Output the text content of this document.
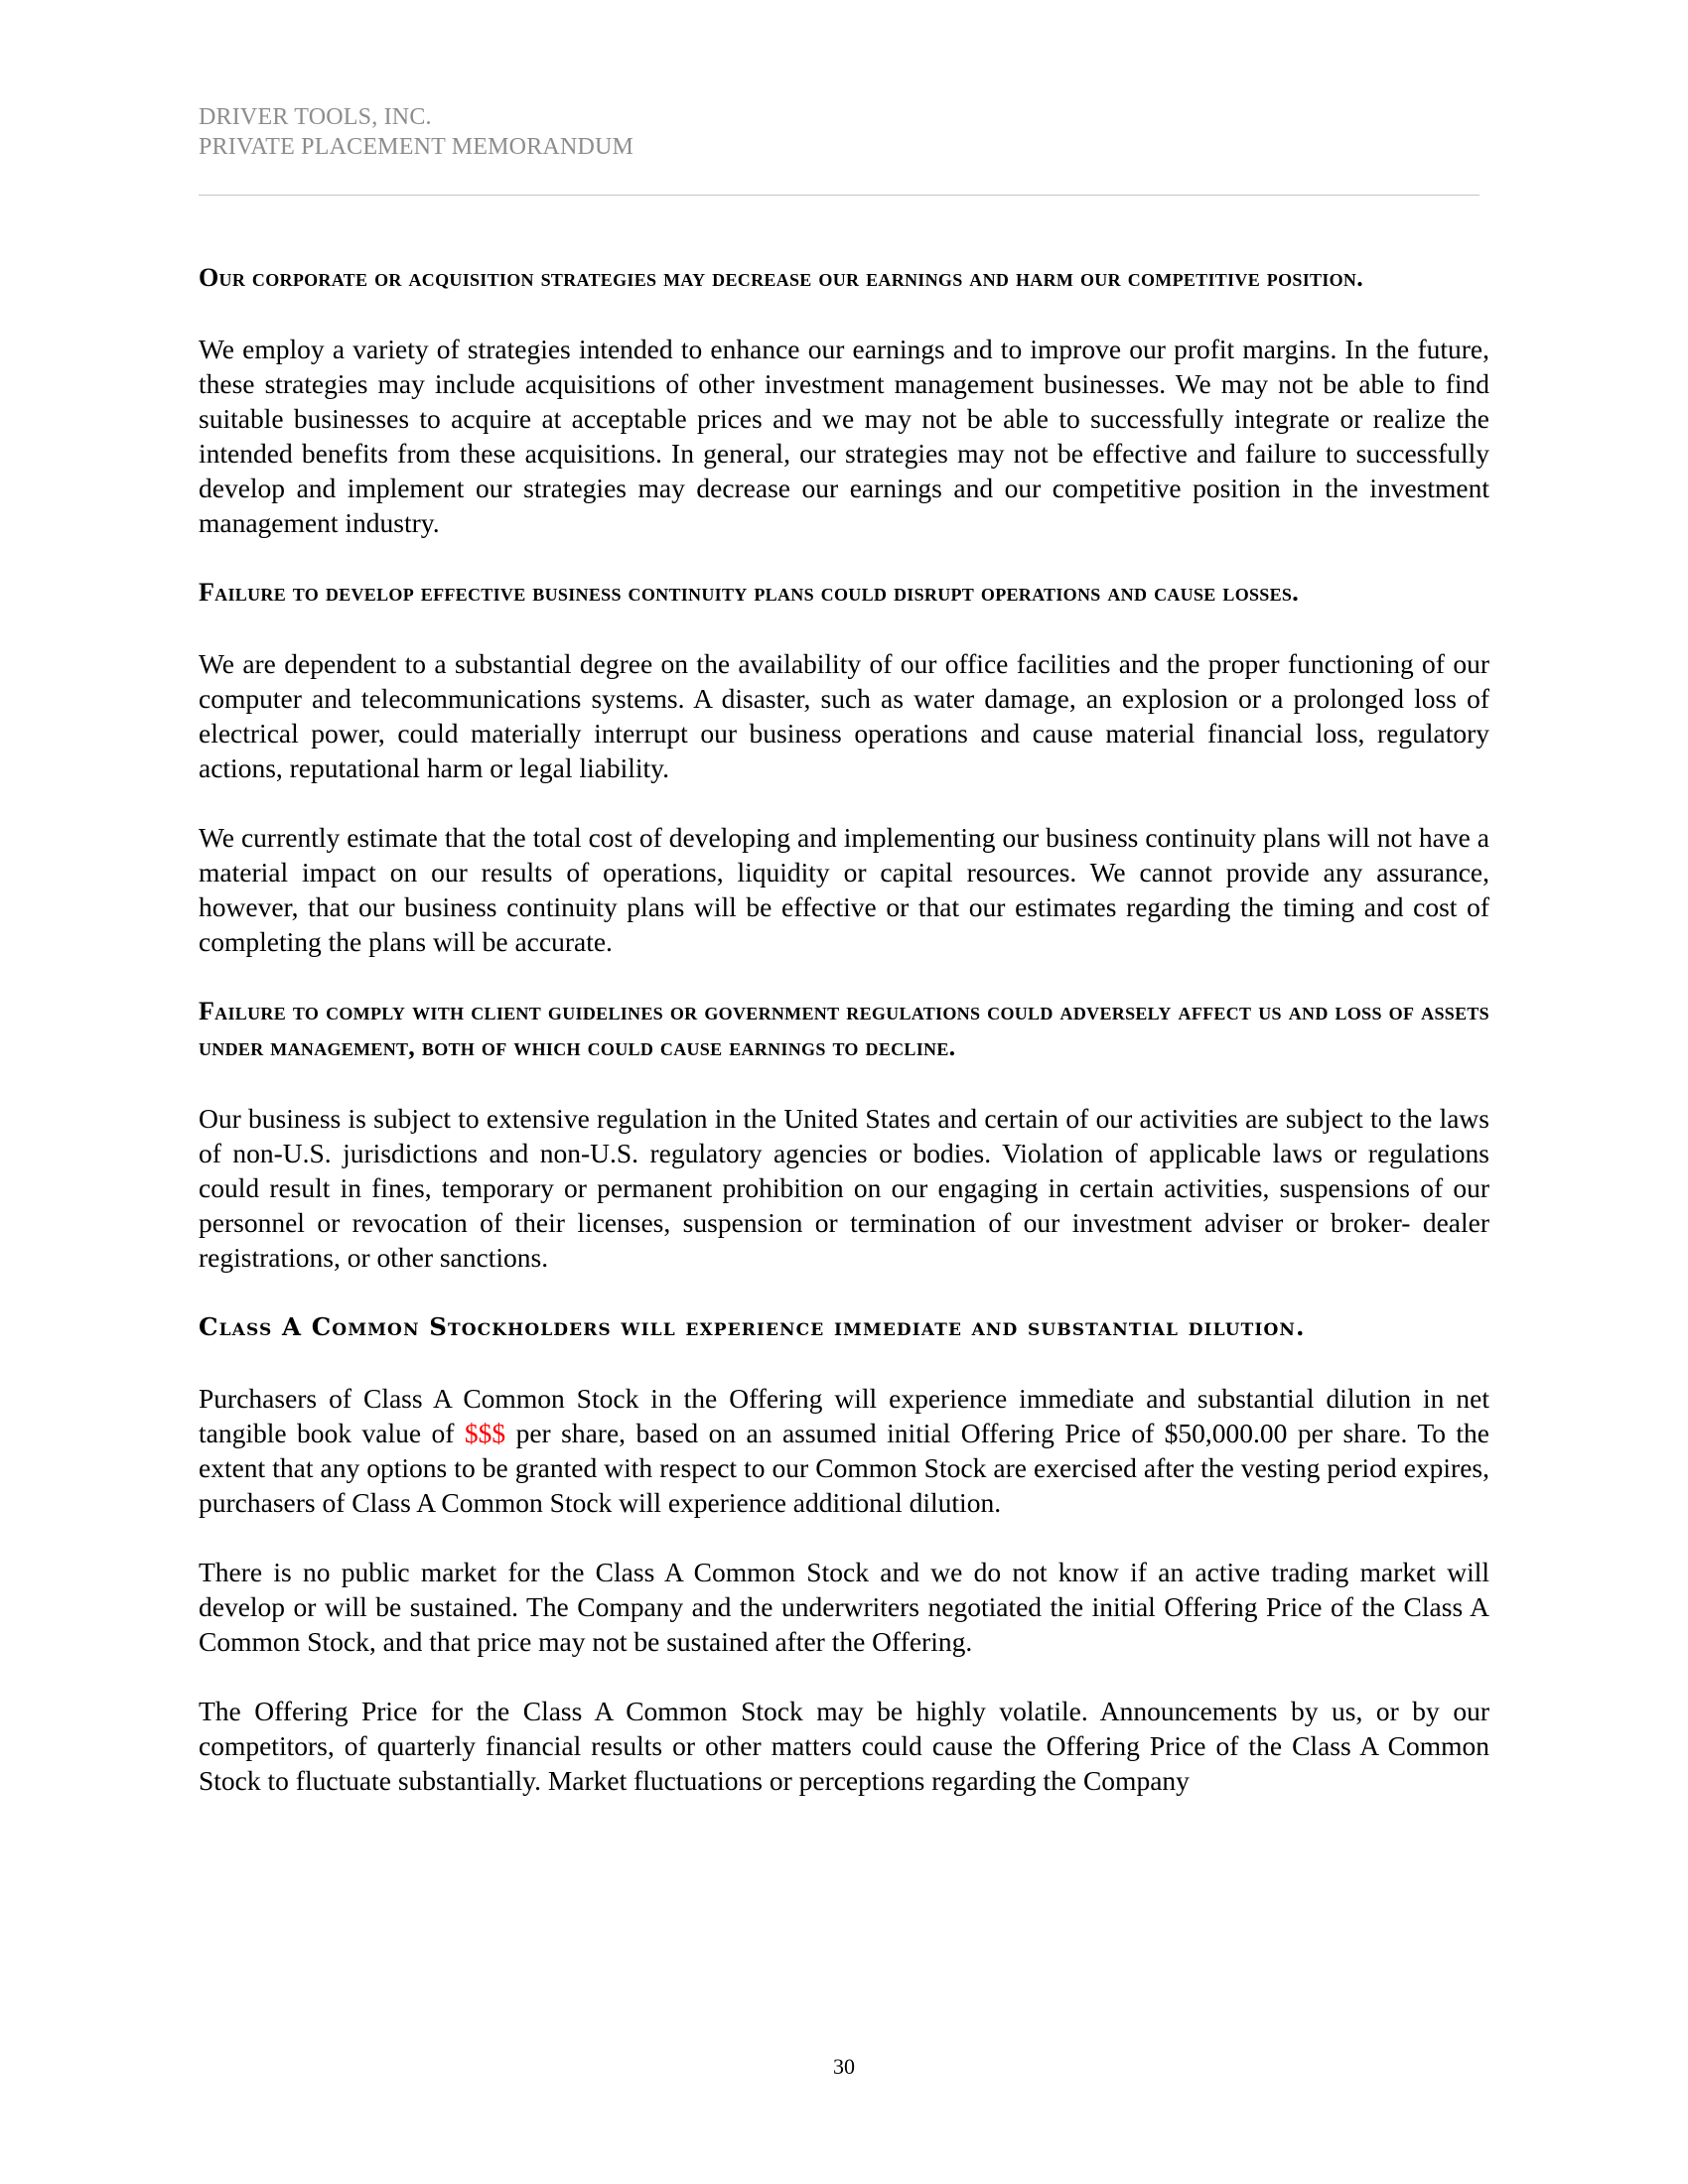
DRIVER TOOLS, INC.
PRIVATE PLACEMENT MEMORANDUM

Our corporate or acquisition strategies may decrease our earnings and harm our competitive position.

We employ a variety of strategies intended to enhance our earnings and to improve our profit margins. In the future, these strategies may include acquisitions of other investment management businesses. We may not be able to find suitable businesses to acquire at acceptable prices and we may not be able to successfully integrate or realize the intended benefits from these acquisitions. In general, our strategies may not be effective and failure to successfully develop and implement our strategies may decrease our earnings and our competitive position in the investment management industry.

Failure to develop effective business continuity plans could disrupt operations and cause losses.

We are dependent to a substantial degree on the availability of our office facilities and the proper functioning of our computer and telecommunications systems. A disaster, such as water damage, an explosion or a prolonged loss of electrical power, could materially interrupt our business operations and cause material financial loss, regulatory actions, reputational harm or legal liability.

We currently estimate that the total cost of developing and implementing our business continuity plans will not have a material impact on our results of operations, liquidity or capital resources. We cannot provide any assurance, however, that our business continuity plans will be effective or that our estimates regarding the timing and cost of completing the plans will be accurate.

Failure to comply with client guidelines or government regulations could adversely affect us and loss of assets under management, both of which could cause earnings to decline.

Our business is subject to extensive regulation in the United States and certain of our activities are subject to the laws of non-U.S. jurisdictions and non-U.S. regulatory agencies or bodies. Violation of applicable laws or regulations could result in fines, temporary or permanent prohibition on our engaging in certain activities, suspensions of our personnel or revocation of their licenses, suspension or termination of our investment adviser or broker- dealer registrations, or other sanctions.

Class A Common Stockholders will experience immediate and substantial dilution.

Purchasers of Class A Common Stock in the Offering will experience immediate and substantial dilution in net tangible book value of $$$ per share, based on an assumed initial Offering Price of $50,000.00 per share. To the extent that any options to be granted with respect to our Common Stock are exercised after the vesting period expires, purchasers of Class A Common Stock will experience additional dilution.

There is no public market for the Class A Common Stock and we do not know if an active trading market will develop or will be sustained. The Company and the underwriters negotiated the initial Offering Price of the Class A Common Stock, and that price may not be sustained after the Offering.

The Offering Price for the Class A Common Stock may be highly volatile. Announcements by us, or by our competitors, of quarterly financial results or other matters could cause the Offering Price of the Class A Common Stock to fluctuate substantially. Market fluctuations or perceptions regarding the Company

30
